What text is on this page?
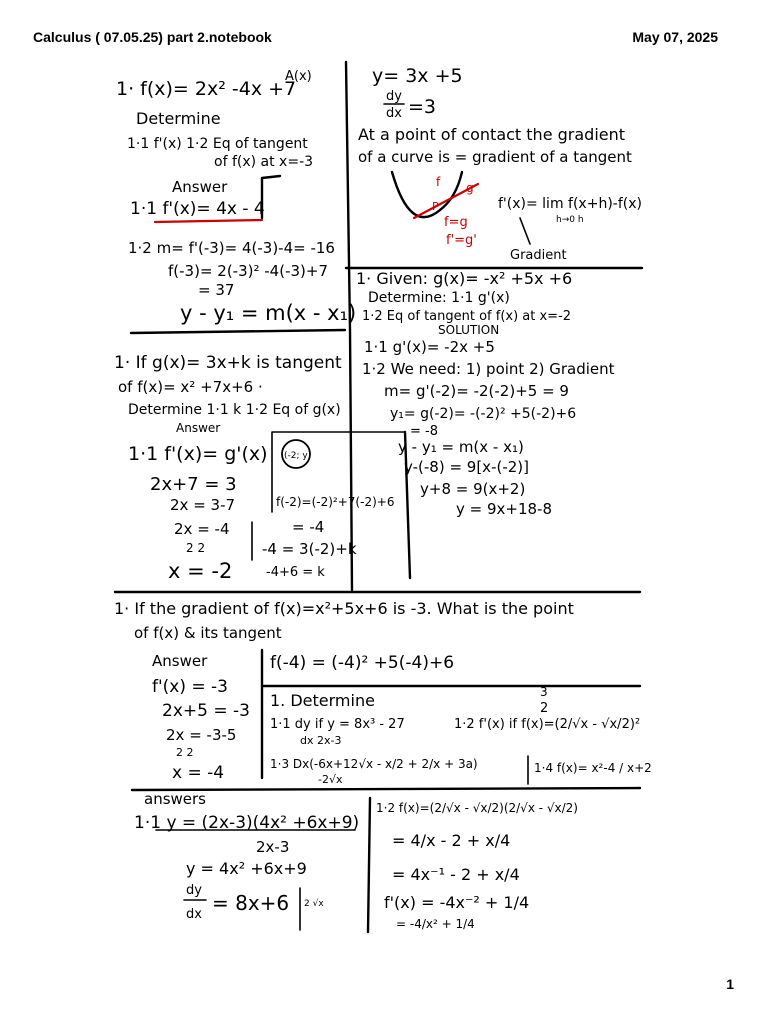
Calculus ( 07.05.25) part 2.notebook	May 07, 2025
1· f(x)= 2x² -4x +7
A(x)
Determine
1·1 f'(x) 1·2 Eq of tangent
of f(x) at x=-3
Answer
1·1 f'(x)= 4x - 4
1·2 m= f'(-3)= 4(-3)-4= -16
f(-3)= 2(-3)² -4(-3)+7
= 37
y - y₁ = m(x - x₁)
y= 3x +5
dy
dx =3
At a point of contact the gradient
of a curve is = gradient of a tangent
f g
P
f=g
f'=g'
f'(x)= lim f(x+h)-f(x)
h→0 h
Gradient
1· Given: g(x)= -x² +5x +6
Determine: 1·1 g'(x)
1·2 Eq of tangent of f(x) at x=-2
SOLUTION
1·1 g'(x)= -2x +5
1·2 We need: 1) point 2) Gradient
m= g'(-2)= -2(-2)+5 = 9
y₁= g(-2)= -(-2)² +5(-2)+6
= -8
y - y₁ = m(x - x₁)
y-(-8) = 9[x-(-2)]
y+8 = 9(x+2)
y = 9x+18-8
1· If g(x)= 3x+k is tangent
of f(x)= x² +7x+6 ·
Determine 1·1 k 1·2 Eq of g(x)
Answer
1·1 f'(x)= g'(x)
2x+7 = 3
2x = 3-7
2x = -4
2 2
x = -2
(-2; y)
f(-2)=(-2)²+7(-2)+6
= -4
-4 = 3(-2)+k
-4+6 = k
1· If the gradient of f(x)=x²+5x+6 is -3. What is the point
of f(x) & its tangent
Answer
f'(x) = -3
2x+5 = -3
2x = -3-5
2 2
x = -4
f(-4) = (-4)² +5(-4)+6
1. Determine	3
2
1·1 dy if y = 8x³ - 27
dx 2x-3
1·2 f'(x) if f(x)=(2/√x - √x/2)²
1·3 Dx(-6x+12√x - x/2 + 2/x + 3a)
-2√x
1·4 f(x)= x²-4 / x+2
answers
1·1 y = (2x-3)(4x² +6x+9)
2x-3
y = 4x² +6x+9
dy
dx = 8x+6 2 √x
1·2 f(x)=(2/√x - √x/2)(2/√x - √x/2)
= 4/x - 2 + x/4
= 4x⁻¹ - 2 + x/4
f'(x) = -4x⁻² + 1/4
= -4/x² + 1/4
1
